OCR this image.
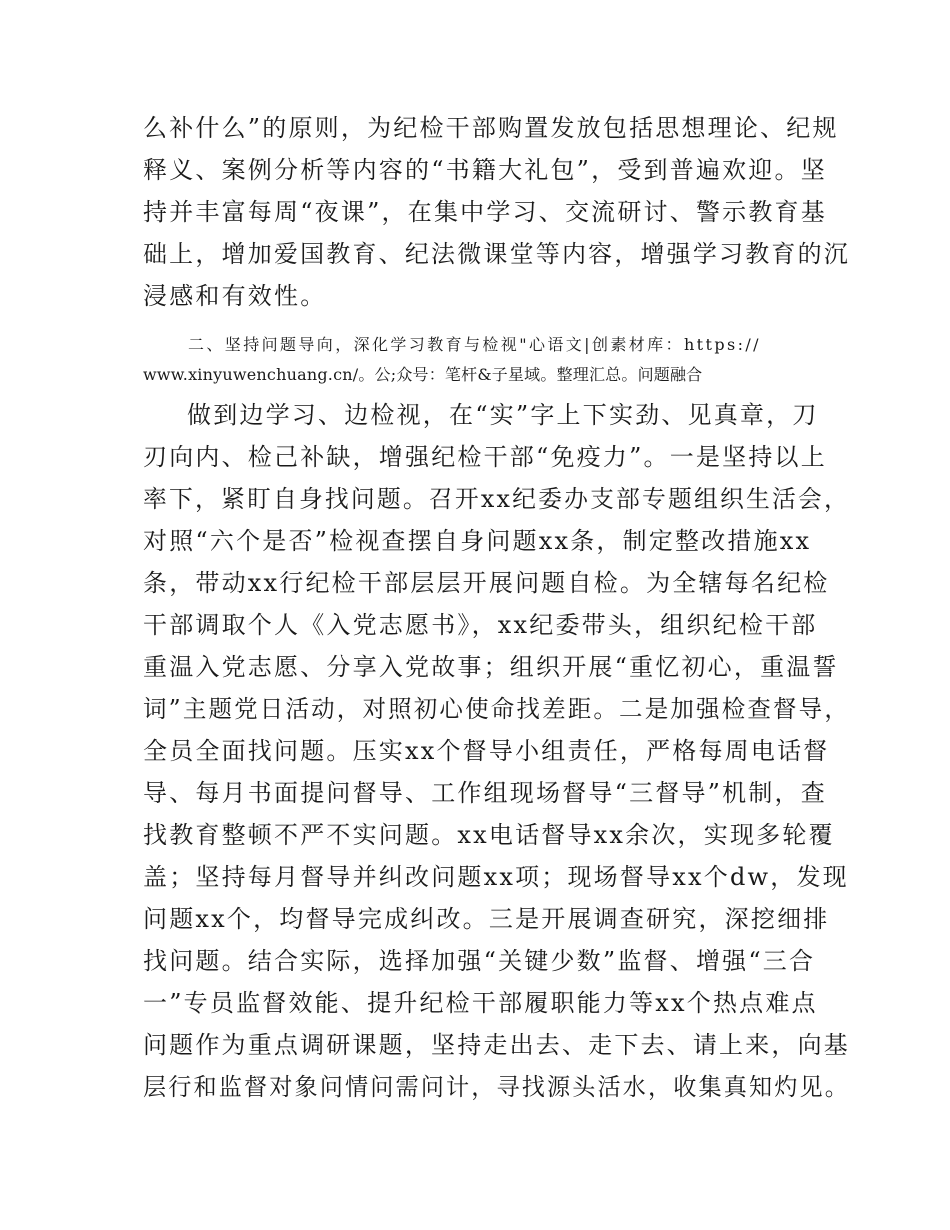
么补什么”的原则，为纪检干部购置发放包括思想理论、纪规
释义、案例分析等内容的“书籍大礼包”，受到普遍欢迎。坚
持并丰富每周“夜课”，在集中学习、交流研讨、警示教育基
础上，增加爱国教育、纪法微课堂等内容，增强学习教育的沉
浸感和有效性。
二、坚持问题导向，深化学习教育与检视"心语文|创素材库：https://
www.xinyuwenchuang.cn/。公;众号：笔杆&子星域。整理汇总。问题融合
做到边学习、边检视，在“实”字上下实劲、见真章，刀
刃向内、检己补缺，增强纪检干部“免疫力”。一是坚持以上
率下，紧盯自身找问题。召开xx纪委办支部专题组织生活会，
对照“六个是否”检视查摆自身问题xx条，制定整改措施xx
条，带动xx行纪检干部层层开展问题自检。为全辖每名纪检
干部调取个人《入党志愿书》，xx纪委带头，组织纪检干部
重温入党志愿、分享入党故事；组织开展“重忆初心，重温誓
词”主题党日活动，对照初心使命找差距。二是加强检查督导，
全员全面找问题。压实xx个督导小组责任，严格每周电话督
导、每月书面提问督导、工作组现场督导“三督导”机制，查
找教育整顿不严不实问题。xx电话督导xx余次，实现多轮覆
盖；坚持每月督导并纠改问题xx项；现场督导xx个dw，发现
问题xx个，均督导完成纠改。三是开展调查研究，深挖细排
找问题。结合实际，选择加强“关键少数”监督、增强“三合
一”专员监督效能、提升纪检干部履职能力等xx个热点难点
问题作为重点调研课题，坚持走出去、走下去、请上来，向基
层行和监督对象问情问需问计，寻找源头活水，收集真知灼见。
